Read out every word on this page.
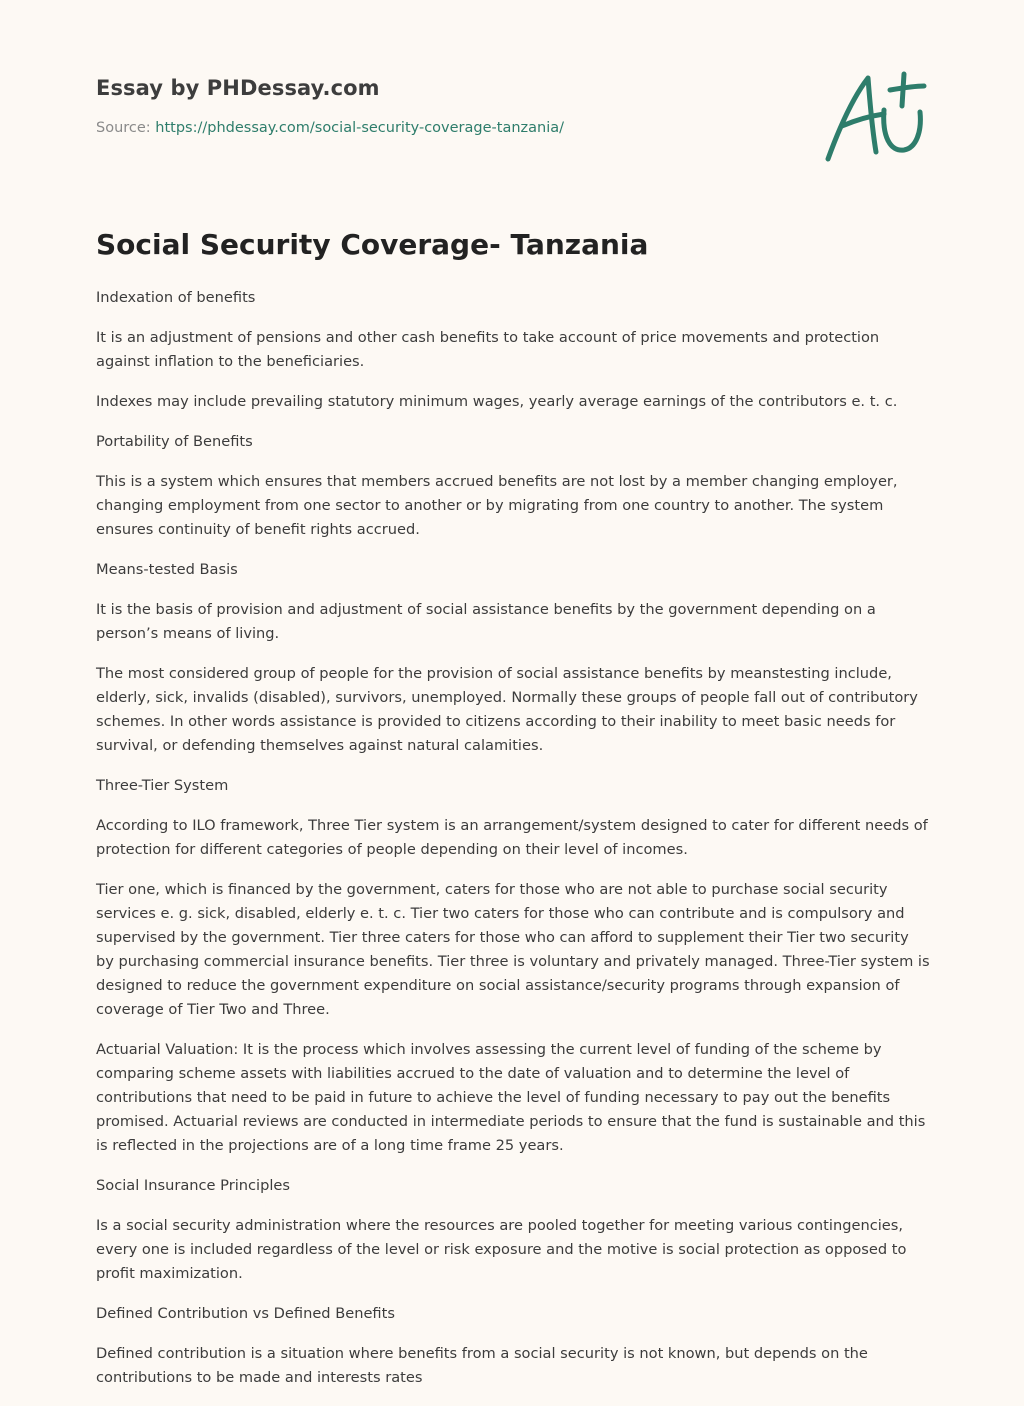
Essay by PHDessay.com
Source: https://phdessay.com/social-security-coverage-tanzania/
Social Security Coverage- Tanzania

Indexation of benefits

It is an adjustment of pensions and other cash benefits to take account of price movements and protection against inflation to the beneficiaries.

Indexes may include prevailing statutory minimum wages, yearly average earnings of the contributors e. t. c.

Portability of Benefits

This is a system which ensures that members accrued benefits are not lost by a member changing employer, changing employment from one sector to another or by migrating from one country to another. The system ensures continuity of benefit rights accrued.

Means-tested Basis

It is the basis of provision and adjustment of social assistance benefits by the government depending on a person’s means of living.

The most considered group of people for the provision of social assistance benefits by meanstesting include, elderly, sick, invalids (disabled), survivors, unemployed. Normally these groups of people fall out of contributory schemes. In other words assistance is provided to citizens according to their inability to meet basic needs for survival, or defending themselves against natural calamities.

Three-Tier System

According to ILO framework, Three Tier system is an arrangement/system designed to cater for different needs of protection for different categories of people depending on their level of incomes.

Tier one, which is financed by the government, caters for those who are not able to purchase social security services e. g. sick, disabled, elderly e. t. c. Tier two caters for those who can contribute and is compulsory and supervised by the government. Tier three caters for those who can afford to supplement their Tier two security by purchasing commercial insurance benefits. Tier three is voluntary and privately managed. Three-Tier system is designed to reduce the government expenditure on social assistance/security programs through expansion of coverage of Tier Two and Three.

Actuarial Valuation: It is the process which involves assessing the current level of funding of the scheme by comparing scheme assets with liabilities accrued to the date of valuation and to determine the level of contributions that need to be paid in future to achieve the level of funding necessary to pay out the benefits promised. Actuarial reviews are conducted in intermediate periods to ensure that the fund is sustainable and this is reflected in the projections are of a long time frame 25 years.

Social Insurance Principles

Is a social security administration where the resources are pooled together for meeting various contingencies, every one is included regardless of the level or risk exposure and the motive is social protection as opposed to profit maximization.

Defined Contribution vs Defined Benefits

Defined contribution is a situation where benefits from a social security is not known, but depends on the contributions to be made and interests rates
